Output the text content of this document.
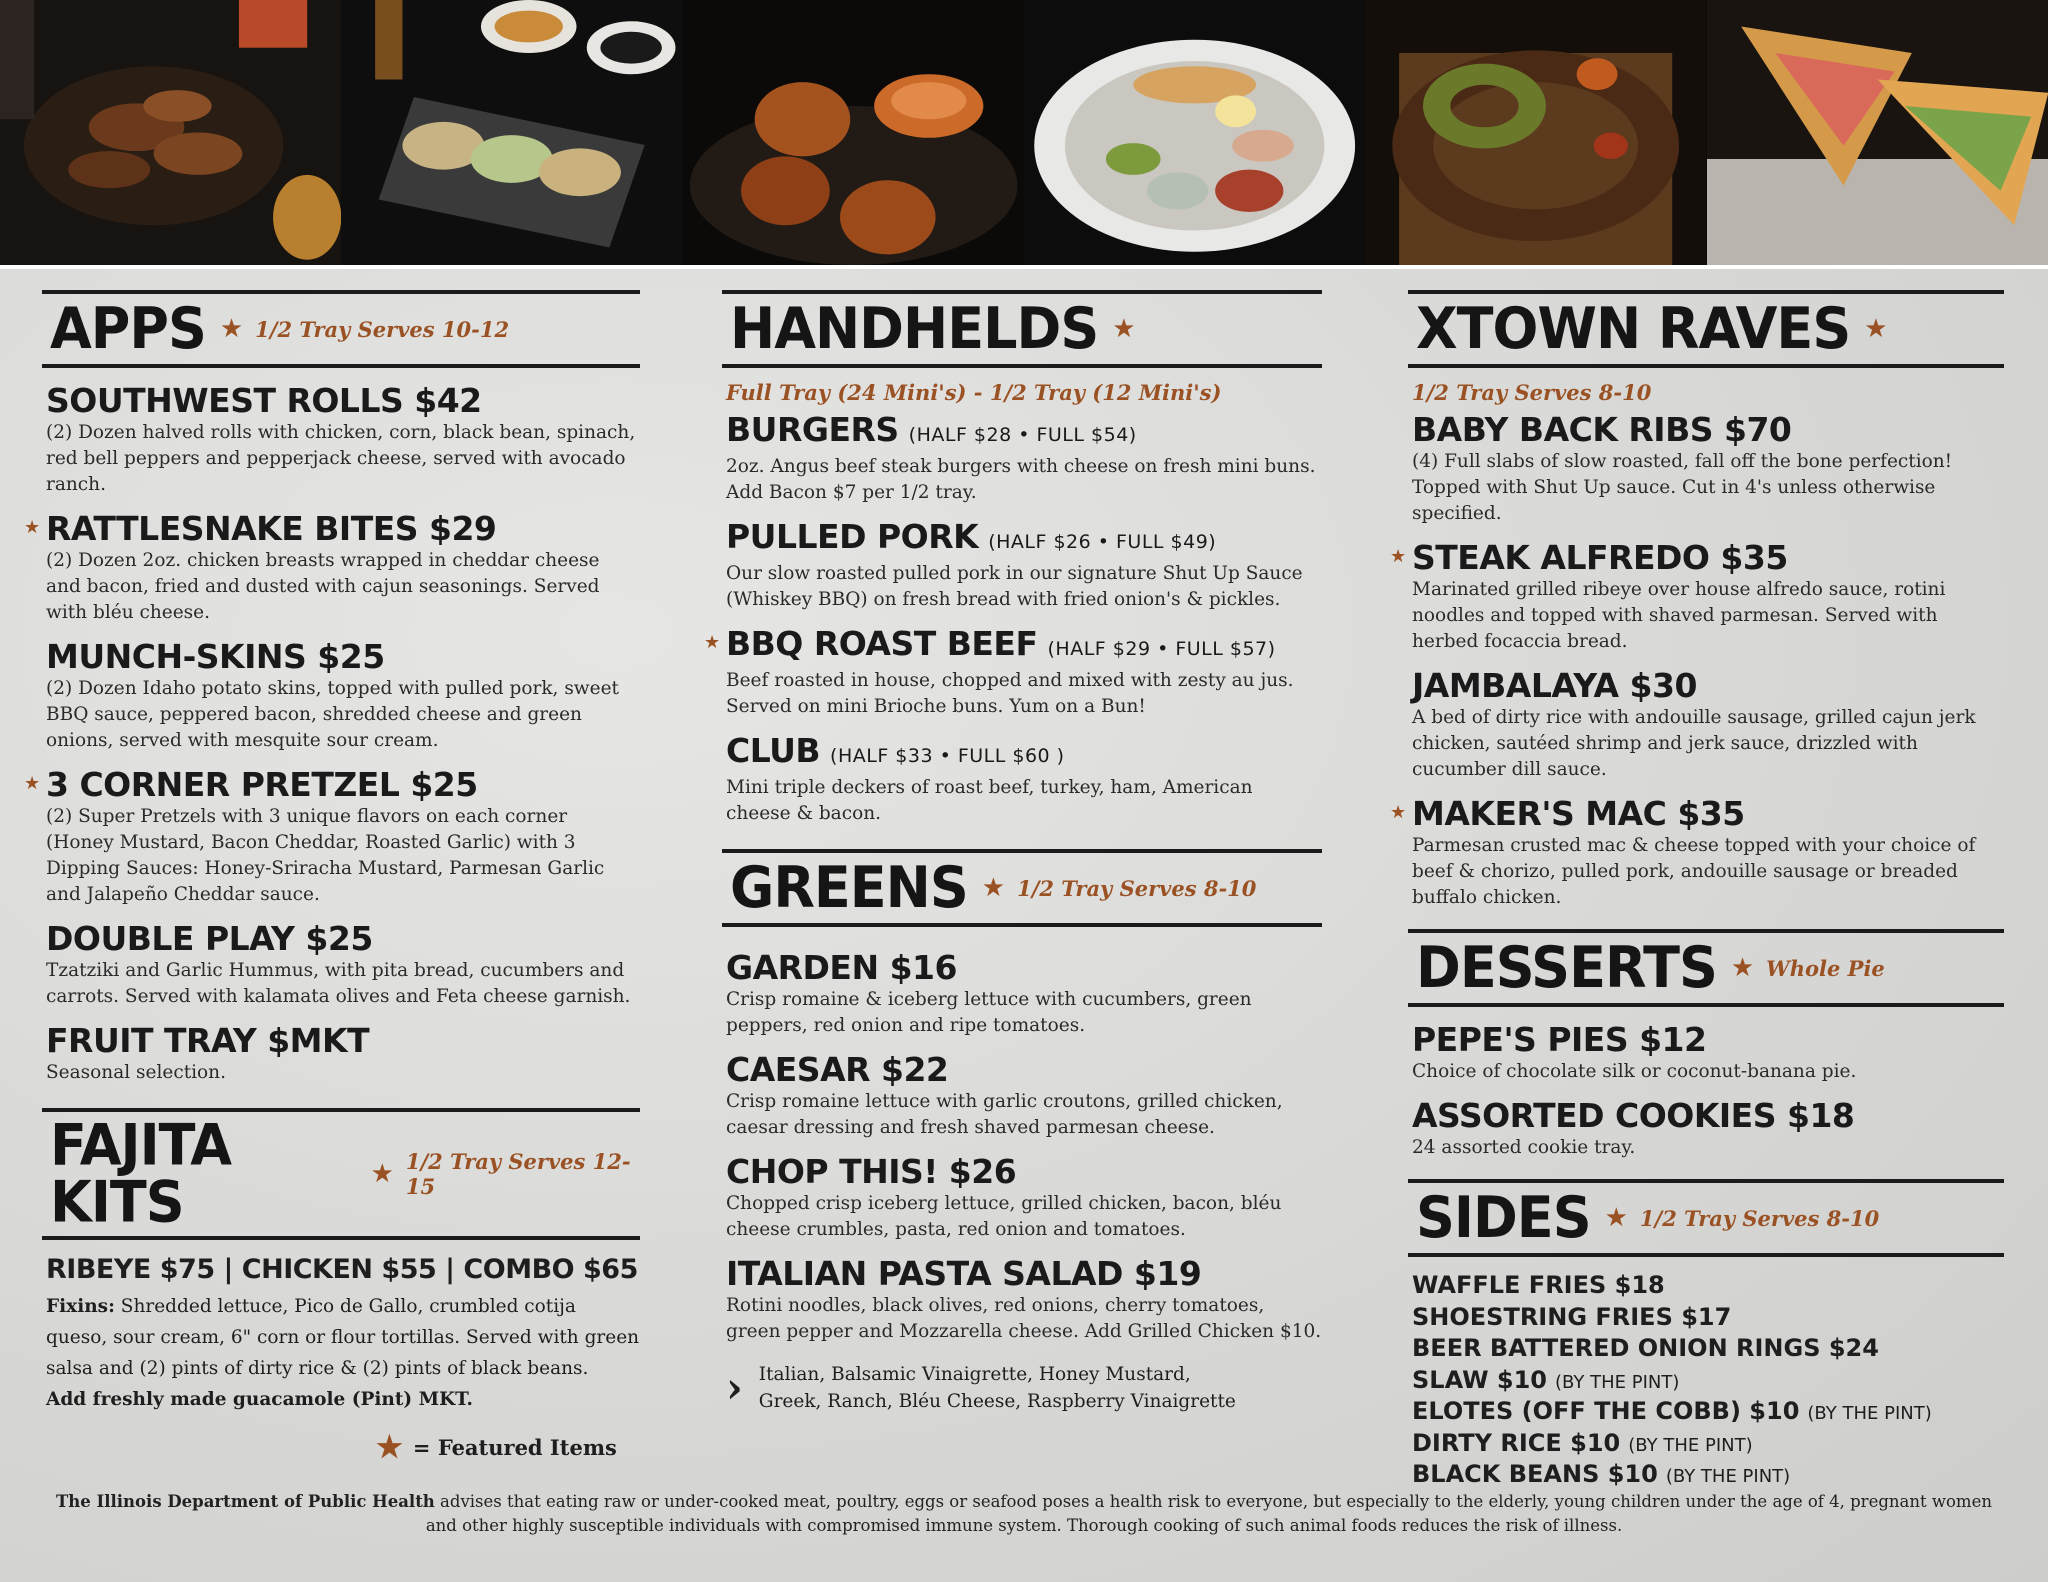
APPS ★ 1/2 Tray Serves 10-12
SOUTHWEST ROLLS $42
(2) Dozen halved rolls with chicken, corn, black bean, spinach, red bell peppers and pepperjack cheese, served with avocado ranch.
★ RATTLESNAKE BITES $29
(2) Dozen 2oz. chicken breasts wrapped in cheddar cheese and bacon, fried and dusted with cajun seasonings. Served with bléu cheese.
MUNCH-SKINS $25
(2) Dozen Idaho potato skins, topped with pulled pork, sweet BBQ sauce, peppered bacon, shredded cheese and green onions, served with mesquite sour cream.
★ 3 CORNER PRETZEL $25
(2) Super Pretzels with 3 unique flavors on each corner (Honey Mustard, Bacon Cheddar, Roasted Garlic) with 3 Dipping Sauces: Honey-Sriracha Mustard, Parmesan Garlic and Jalapeño Cheddar sauce.
DOUBLE PLAY $25
Tzatziki and Garlic Hummus, with pita bread, cucumbers and carrots. Served with kalamata olives and Feta cheese garnish.
FRUIT TRAY $MKT
Seasonal selection.
FAJITA KITS	★ 1/2 Tray Serves 12-15
RIBEYE $75 | CHICKEN $55 | COMBO $65
Fixins: Shredded lettuce, Pico de Gallo, crumbled cotija queso, sour cream, 6" corn or flour tortillas. Served with green salsa and (2) pints of dirty rice & (2) pints of black beans.
Add freshly made guacamole (Pint) MKT.
★ = Featured Items
HANDHELDS ★
Full Tray (24 Mini's) - 1/2 Tray (12 Mini's)
BURGERS (HALF $28 • FULL $54)
2oz. Angus beef steak burgers with cheese on fresh mini buns. Add Bacon $7 per 1/2 tray.
PULLED PORK (HALF $26 • FULL $49)
Our slow roasted pulled pork in our signature Shut Up Sauce (Whiskey BBQ) on fresh bread with fried onion's & pickles.
★ BBQ ROAST BEEF (HALF $29 • FULL $57)
Beef roasted in house, chopped and mixed with zesty au jus. Served on mini Brioche buns. Yum on a Bun!
CLUB (HALF $33 • FULL $60 )
Mini triple deckers of roast beef, turkey, ham, American cheese & bacon.
GREENS ★ 1/2 Tray Serves 8-10
GARDEN $16
Crisp romaine & iceberg lettuce with cucumbers, green peppers, red onion and ripe tomatoes.
CAESAR $22
Crisp romaine lettuce with garlic croutons, grilled chicken, caesar dressing and fresh shaved parmesan cheese.
CHOP THIS! $26
Chopped crisp iceberg lettuce, grilled chicken, bacon, bléu cheese crumbles, pasta, red onion and tomatoes.
ITALIAN PASTA SALAD $19
Rotini noodles, black olives, red onions, cherry tomatoes, green pepper and Mozzarella cheese. Add Grilled Chicken $10.
› Italian, Balsamic Vinaigrette, Honey Mustard, Greek, Ranch, Bléu Cheese, Raspberry Vinaigrette
XTOWN RAVES ★
1/2 Tray Serves 8-10
BABY BACK RIBS $70
(4) Full slabs of slow roasted, fall off the bone perfection! Topped with Shut Up sauce. Cut in 4's unless otherwise specified.
★ STEAK ALFREDO $35
Marinated grilled ribeye over house alfredo sauce, rotini noodles and topped with shaved parmesan. Served with herbed focaccia bread.
JAMBALAYA $30
A bed of dirty rice with andouille sausage, grilled cajun jerk chicken, sautéed shrimp and jerk sauce, drizzled with cucumber dill sauce.
★ MAKER'S MAC $35
Parmesan crusted mac & cheese topped with your choice of beef & chorizo, pulled pork, andouille sausage or breaded buffalo chicken.
DESSERTS ★ Whole Pie
PEPE'S PIES $12
Choice of chocolate silk or coconut-banana pie.
ASSORTED COOKIES $18
24 assorted cookie tray.
SIDES ★ 1/2 Tray Serves 8-10
WAFFLE FRIES $18
SHOESTRING FRIES $17
BEER BATTERED ONION RINGS $24
SLAW $10 (BY THE PINT)
ELOTES (OFF THE COBB) $10 (BY THE PINT)
DIRTY RICE $10 (BY THE PINT)
BLACK BEANS $10 (BY THE PINT)
The Illinois Department of Public Health advises that eating raw or under-cooked meat, poultry, eggs or seafood poses a health risk to everyone, but especially to the elderly, young children under the age of 4, pregnant women and other highly susceptible individuals with compromised immune system. Thorough cooking of such animal foods reduces the risk of illness.
